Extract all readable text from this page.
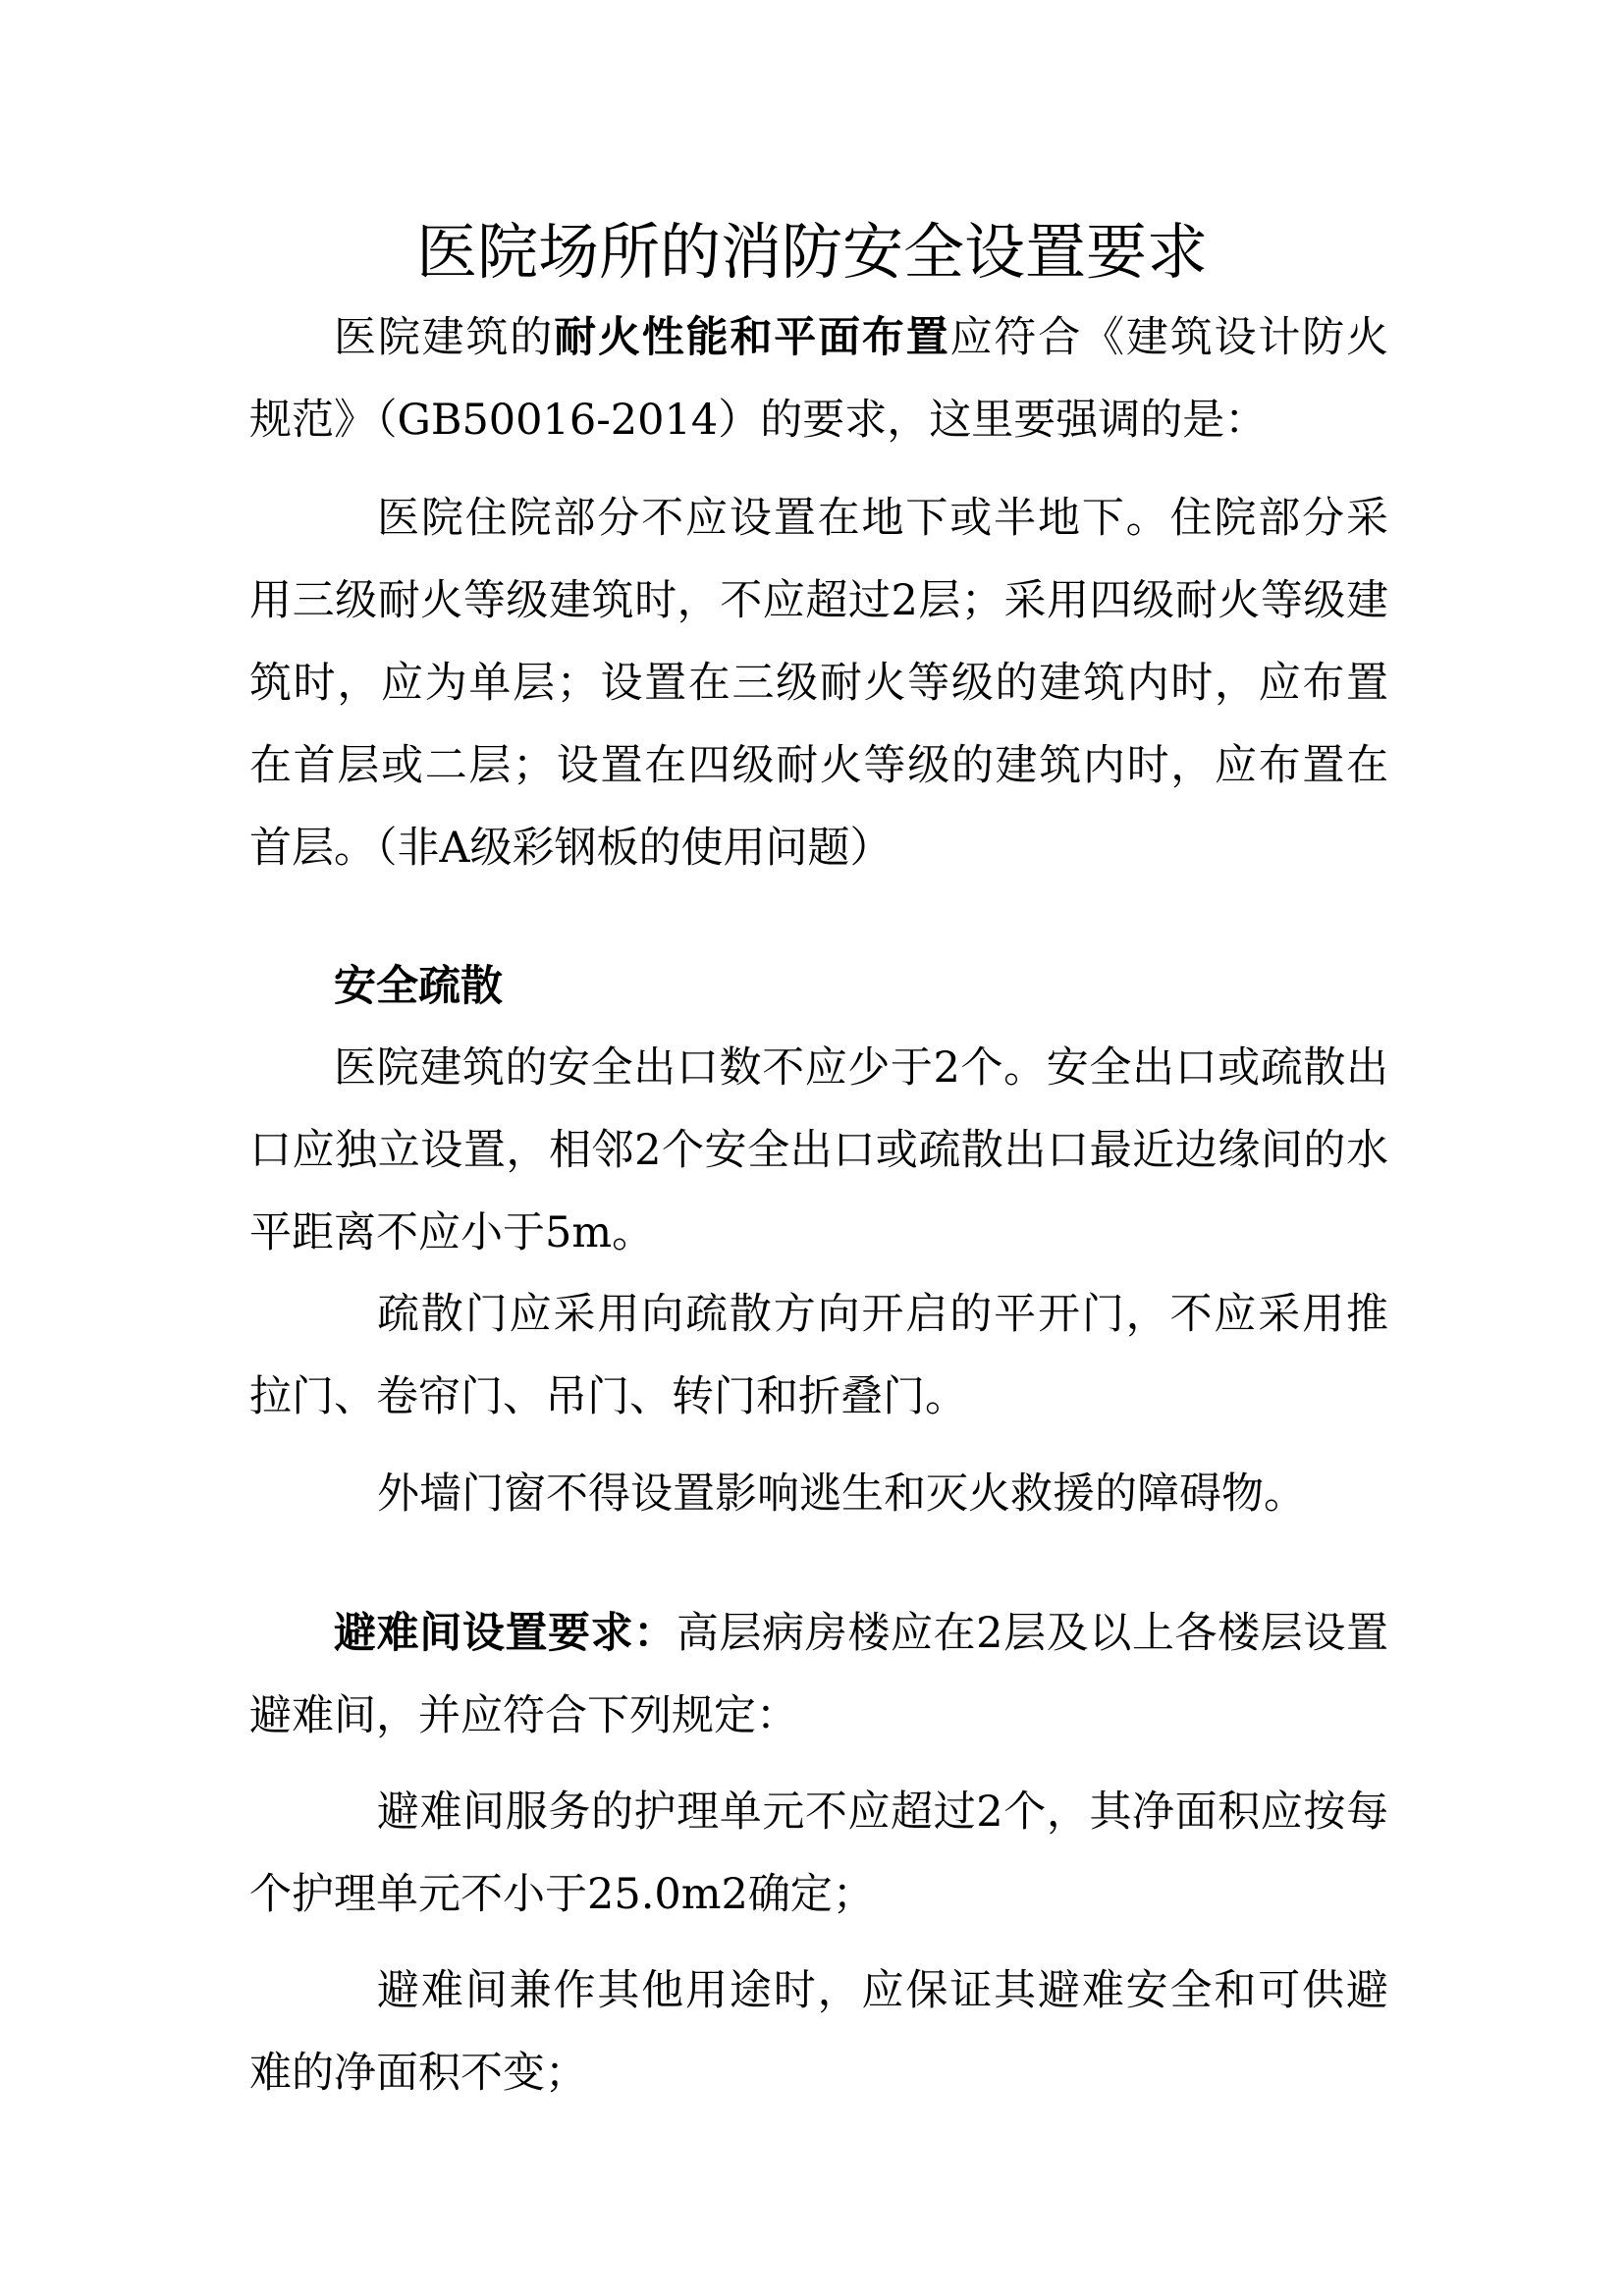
医院场所的消防安全设置要求

医院建筑的耐火性能和平面布置应符合《建筑设计防火规范》（GB50016-2014）的要求，这里要强调的是：

医院住院部分不应设置在地下或半地下。住院部分采用三级耐火等级建筑时，不应超过2层；采用四级耐火等级建筑时，应为单层；设置在三级耐火等级的建筑内时，应布置在首层或二层；设置在四级耐火等级的建筑内时，应布置在首层。（非A级彩钢板的使用问题）

安全疏散

医院建筑的安全出口数不应少于2个。安全出口或疏散出口应独立设置，相邻2个安全出口或疏散出口最近边缘间的水平距离不应小于5m。

疏散门应采用向疏散方向开启的平开门，不应采用推拉门、卷帘门、吊门、转门和折叠门。

外墙门窗不得设置影响逃生和灭火救援的障碍物。

避难间设置要求：高层病房楼应在2层及以上各楼层设置避难间，并应符合下列规定：

避难间服务的护理单元不应超过2个，其净面积应按每个护理单元不小于25.0m2确定；

避难间兼作其他用途时，应保证其避难安全和可供避难的净面积不变；
